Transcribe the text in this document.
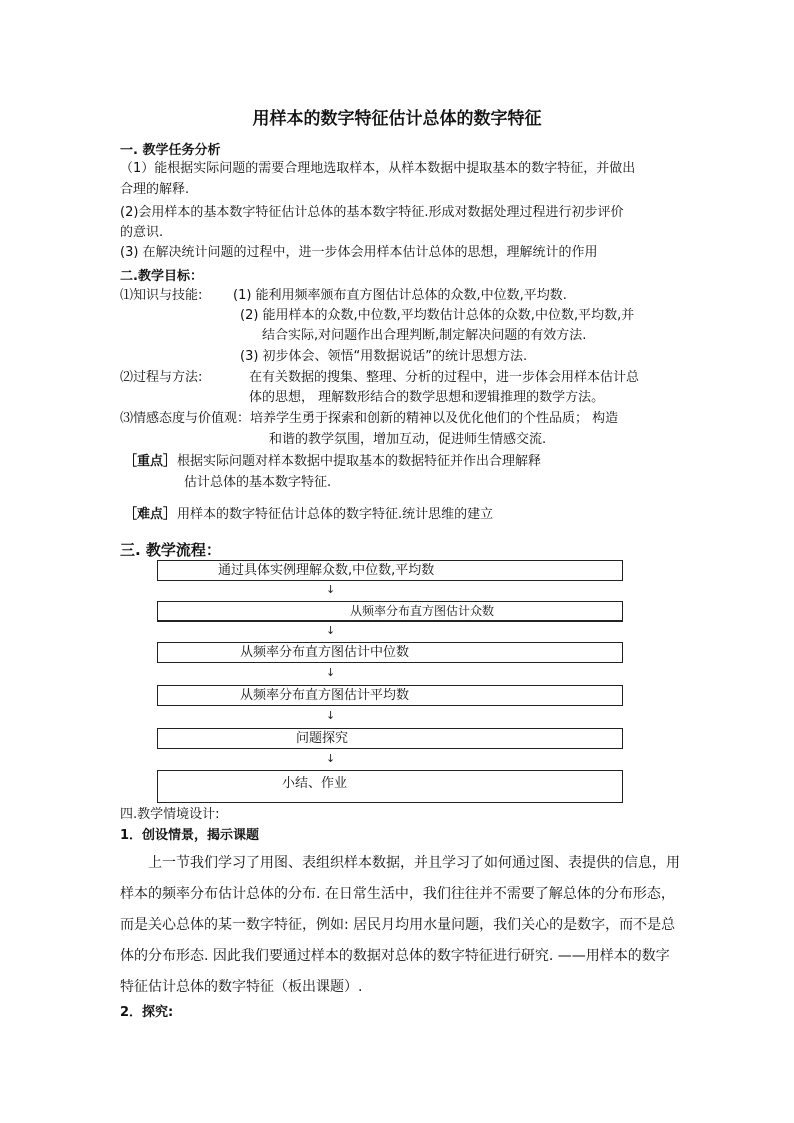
用样本的数字特征估计总体的数字特征
一. 教学任务分析
（1）能根据实际问题的需要合理地选取样本，从样本数据中提取基本的数字特征，并做出
合理的解释.
(2)会用样本的基本数字特征估计总体的基本数字特征.形成对数据处理过程进行初步评价
的意识.
(3) 在解决统计问题的过程中，进一步体会用样本估计总体的思想，理解统计的作用
二.教学目标：
⑴知识与技能: (1) 能利用频率颁布直方图估计总体的众数,中位数,平均数.
(2) 能用样本的众数,中位数,平均数估计总体的众数,中位数,平均数,并
结合实际,对问题作出合理判断,制定解决问题的有效方法.
(3) 初步体会、领悟“用数据说话”的统计思想方法.
⑵过程与方法:	在有关数据的搜集、整理、分析的过程中，进一步体会用样本估计总
体的思想， 理解数形结合的数学思想和逻辑推理的数学方法。
⑶情感态度与价值观：培养学生勇于探索和创新的精神以及优化他们的个性品质； 构造
和谐的教学氛围，增加互动，促进师生情感交流.
［重点］ 根据实际问题对样本数据中提取基本的数据特征并作出合理解释
估计总体的基本数字特征.
［难点］ 用样本的数字特征估计总体的数字特征.统计思维的建立
三. 教学流程：
通过具体实例理解众数,中位数,平均数
↓
从频率分布直方图估计众数
↓
从频率分布直方图估计中位数
↓
从频率分布直方图估计平均数
↓
问题探究
↓
小结、作业
四.教学情境设计:
1．创设情景，揭示课题
上一节我们学习了用图、表组织样本数据，并且学习了如何通过图、表提供的信息，用
样本的频率分布估计总体的分布. 在日常生活中，我们往往并不需要了解总体的分布形态，
而是关心总体的某一数字特征，例如: 居民月均用水量问题，我们关心的是数字，而不是总
体的分布形态. 因此我们要通过样本的数据对总体的数字特征进行研究. ——用样本的数字
特征估计总体的数字特征（板出课题）.
2．探究:
